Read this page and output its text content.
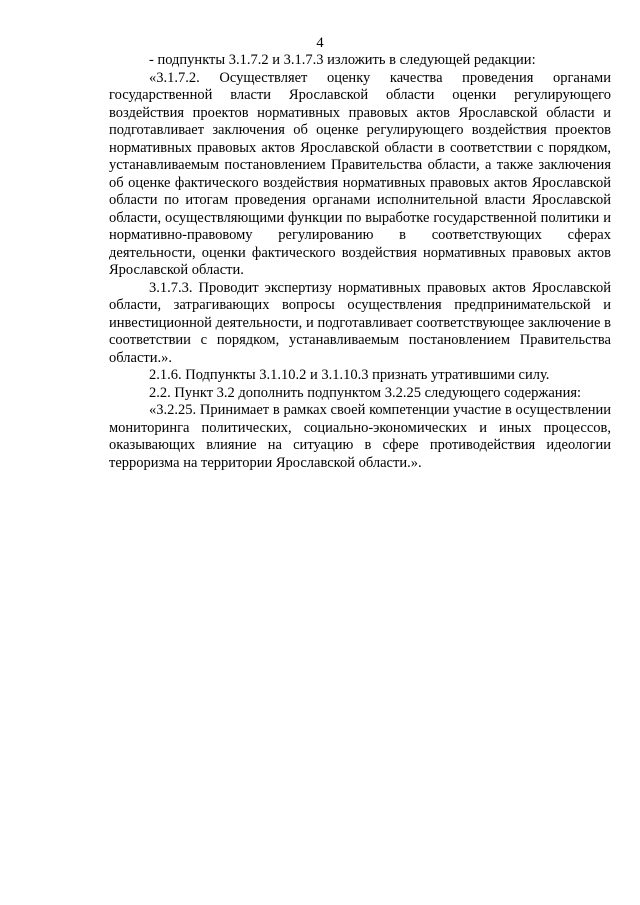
4

- подпункты 3.1.7.2 и 3.1.7.3 изложить в следующей редакции:

«3.1.7.2. Осуществляет оценку качества проведения органами государственной власти Ярославской области оценки регулирующего воздействия проектов нормативных правовых актов Ярославской области и подготавливает заключения об оценке регулирующего воздействия проектов нормативных правовых актов Ярославской области в соответствии с порядком, устанавливаемым постановлением Правительства области, а также заключения об оценке фактического воздействия нормативных правовых актов Ярославской области по итогам проведения органами исполнительной власти Ярославской области, осуществляющими функции по выработке государственной политики и нормативно-правовому регулированию в соответствующих сферах деятельности, оценки фактического воздействия нормативных правовых актов Ярославской области.

3.1.7.3. Проводит экспертизу нормативных правовых актов Ярославской области, затрагивающих вопросы осуществления предпринимательской и инвестиционной деятельности, и подготавливает соответствующее заключение в соответствии с порядком, устанавливаемым постановлением Правительства области.».

2.1.6. Подпункты 3.1.10.2 и 3.1.10.3 признать утратившими силу.

2.2. Пункт 3.2 дополнить подпунктом 3.2.25 следующего содержания:

«3.2.25. Принимает в рамках своей компетенции участие в осуществлении мониторинга политических, социально-экономических и иных процессов, оказывающих влияние на ситуацию в сфере противодействия идеологии терроризма на территории Ярославской области.».
